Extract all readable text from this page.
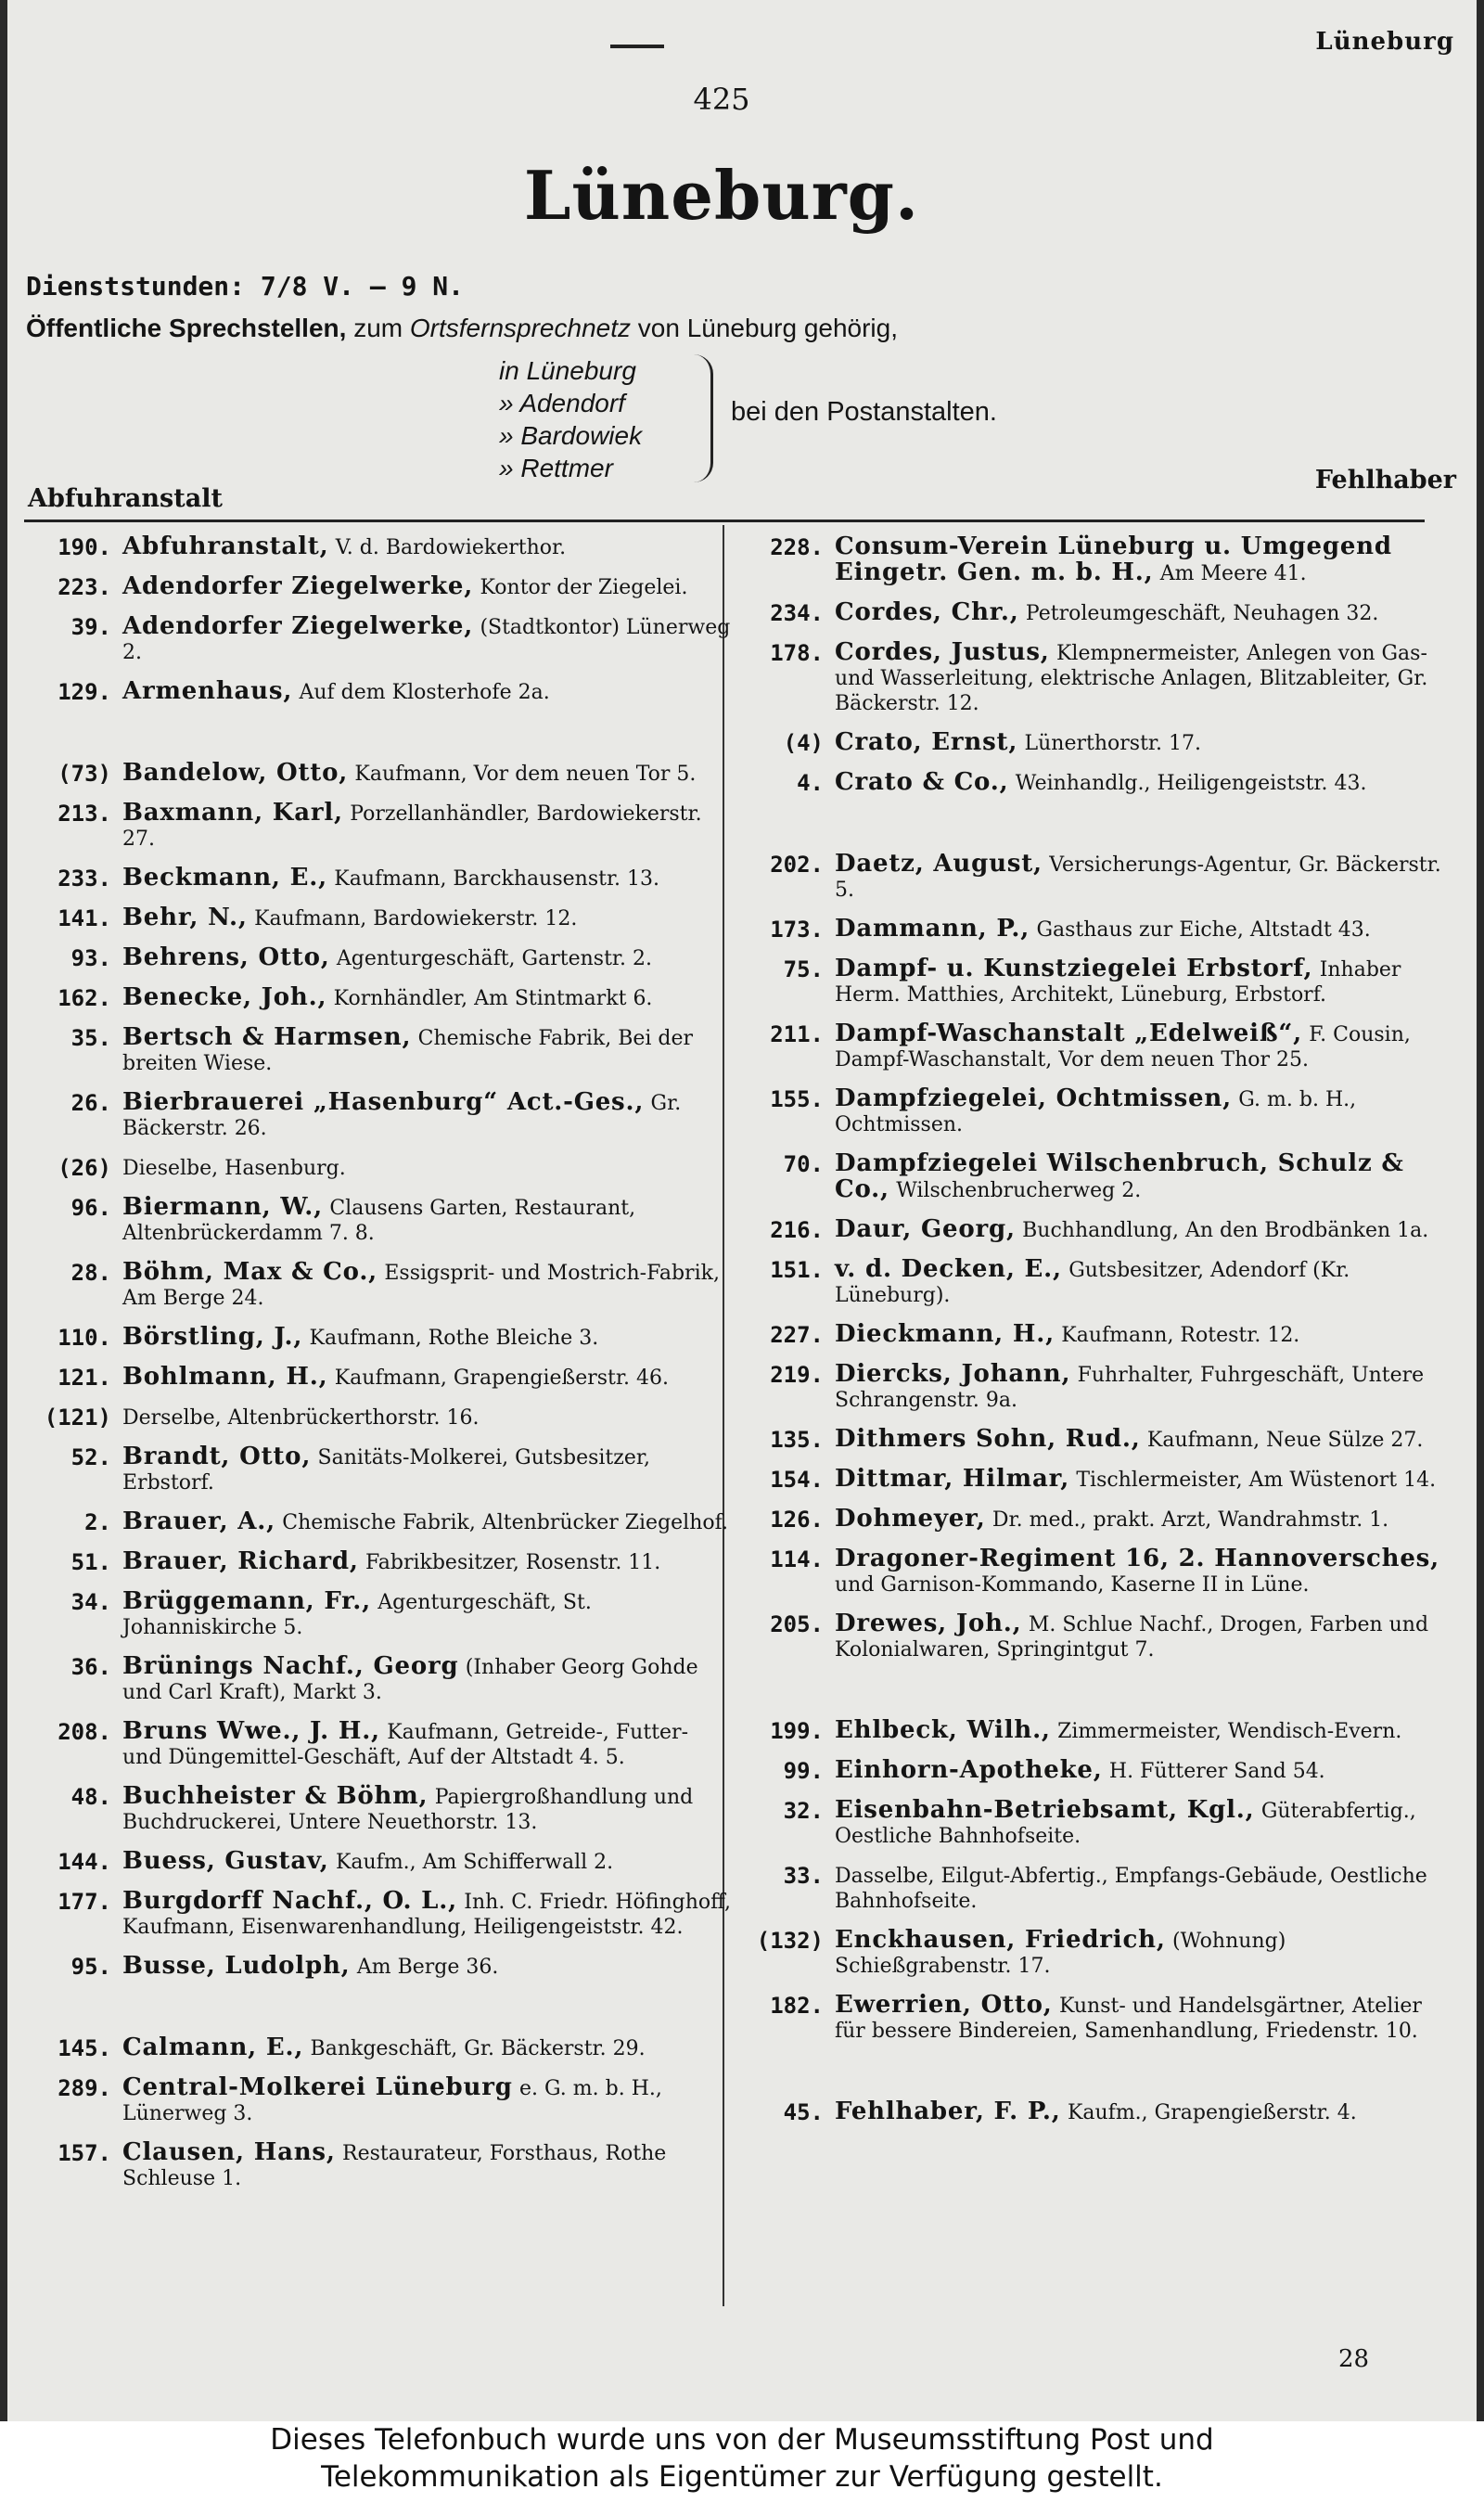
425
Lüneburg
Lüneburg.
Dienststunden: 7/8 V. — 9 N.
Öffentliche Sprechstellen, zum Ortsfernsprechnetz von Lüneburg gehörig,
in Lüneburg
» Adendorf
» Bardowiek
» Rettmer
bei den Postanstalten.
Abfuhranstalt
Fehlhaber
190. Abfuhranstalt, V. d. Bardowiekerthor.
223. Adendorfer Ziegelwerke, Kontor der Ziegelei.
39. Adendorfer Ziegelwerke, (Stadtkontor) Lünerweg 2.
129. Armenhaus, Auf dem Klosterhofe 2a.
(73) Bandelow, Otto, Kaufmann, Vor dem neuen Tor 5.
213. Baxmann, Karl, Porzellanhändler, Bardowiekerstr. 27.
233. Beckmann, E., Kaufmann, Barckhausenstr. 13.
141. Behr, N., Kaufmann, Bardowiekerstr. 12.
93. Behrens, Otto, Agenturgeschäft, Gartenstr. 2.
162. Benecke, Joh., Kornhändler, Am Stintmarkt 6.
35. Bertsch & Harmsen, Chemische Fabrik, Bei der breiten Wiese.
26. Bierbrauerei „Hasenburg“ Act.-Ges., Gr. Bäckerstr. 26.
(26) Dieselbe, Hasenburg.
96. Biermann, W., Clausens Garten, Restaurant, Altenbrückerdamm 7. 8.
28. Böhm, Max & Co., Essigsprit- und Mostrich-Fabrik, Am Berge 24.
110. Börstling, J., Kaufmann, Rothe Bleiche 3.
121. Bohlmann, H., Kaufmann, Grapengießerstr. 46.
(121) Derselbe, Altenbrückerthorstr. 16.
52. Brandt, Otto, Sanitäts-Molkerei, Gutsbesitzer, Erbstorf.
2. Brauer, A., Chemische Fabrik, Altenbrücker Ziegelhof.
51. Brauer, Richard, Fabrikbesitzer, Rosenstr. 11.
34. Brüggemann, Fr., Agenturgeschäft, St. Johanniskirche 5.
36. Brünings Nachf., Georg (Inhaber Georg Gohde und Carl Kraft), Markt 3.
208. Bruns Wwe., J. H., Kaufmann, Getreide-, Futter- und Düngemittel-Geschäft, Auf der Altstadt 4. 5.
48. Buchheister & Böhm, Papiergroßhandlung und Buchdruckerei, Untere Neuethorstr. 13.
144. Buess, Gustav, Kaufm., Am Schifferwall 2.
177. Burgdorff Nachf., O. L., Inh. C. Friedr. Höfinghoff, Kaufmann, Eisenwarenhandlung, Heiligengeiststr. 42.
95. Busse, Ludolph, Am Berge 36.
145. Calmann, E., Bankgeschäft, Gr. Bäckerstr. 29.
289. Central-Molkerei Lüneburg e. G. m. b. H., Lünerweg 3.
157. Clausen, Hans, Restaurateur, Forsthaus, Rothe Schleuse 1.
228. Consum-Verein Lüneburg u. Umgegend Eingetr. Gen. m. b. H., Am Meere 41.
234. Cordes, Chr., Petroleumgeschäft, Neuhagen 32.
178. Cordes, Justus, Klempnermeister, Anlegen von Gas- und Wasserleitung, elektrische Anlagen, Blitzableiter, Gr. Bäckerstr. 12.
(4) Crato, Ernst, Lünerthorstr. 17.
4. Crato & Co., Weinhandlg., Heiligengeiststr. 43.
202. Daetz, August, Versicherungs-Agentur, Gr. Bäckerstr. 5.
173. Dammann, P., Gasthaus zur Eiche, Altstadt 43.
75. Dampf- u. Kunstziegelei Erbstorf, Inhaber Herm. Matthies, Architekt, Lüneburg, Erbstorf.
211. Dampf-Waschanstalt „Edelweiß“, F. Cousin, Dampf-Waschanstalt, Vor dem neuen Thor 25.
155. Dampfziegelei, Ochtmissen, G. m. b. H., Ochtmissen.
70. Dampfziegelei Wilschenbruch, Schulz & Co., Wilschenbrucherweg 2.
216. Daur, Georg, Buchhandlung, An den Brodbänken 1a.
151. v. d. Decken, E., Gutsbesitzer, Adendorf (Kr. Lüneburg).
227. Dieckmann, H., Kaufmann, Rotestr. 12.
219. Diercks, Johann, Fuhrhalter, Fuhrgeschäft, Untere Schrangenstr. 9a.
135. Dithmers Sohn, Rud., Kaufmann, Neue Sülze 27.
154. Dittmar, Hilmar, Tischlermeister, Am Wüstenort 14.
126. Dohmeyer, Dr. med., prakt. Arzt, Wandrahmstr. 1.
114. Dragoner-Regiment 16, 2. Hannoversches, und Garnison-Kommando, Kaserne II in Lüne.
205. Drewes, Joh., M. Schlue Nachf., Drogen, Farben und Kolonialwaren, Springintgut 7.
199. Ehlbeck, Wilh., Zimmermeister, Wendisch-Evern.
99. Einhorn-Apotheke, H. Fütterer Sand 54.
32. Eisenbahn-Betriebsamt, Kgl., Güterabfertig., Oestliche Bahnhofseite.
33. Dasselbe, Eilgut-Abfertig., Empfangs-Gebäude, Oestliche Bahnhofseite.
(132) Enckhausen, Friedrich, (Wohnung) Schießgrabenstr. 17.
182. Ewerrien, Otto, Kunst- und Handelsgärtner, Atelier für bessere Bindereien, Samenhandlung, Friedenstr. 10.
45. Fehlhaber, F. P., Kaufm., Grapengießerstr. 4.
28
Dieses Telefonbuch wurde uns von der Museumsstiftung Post und
Telekommunikation als Eigentümer zur Verfügung gestellt.
